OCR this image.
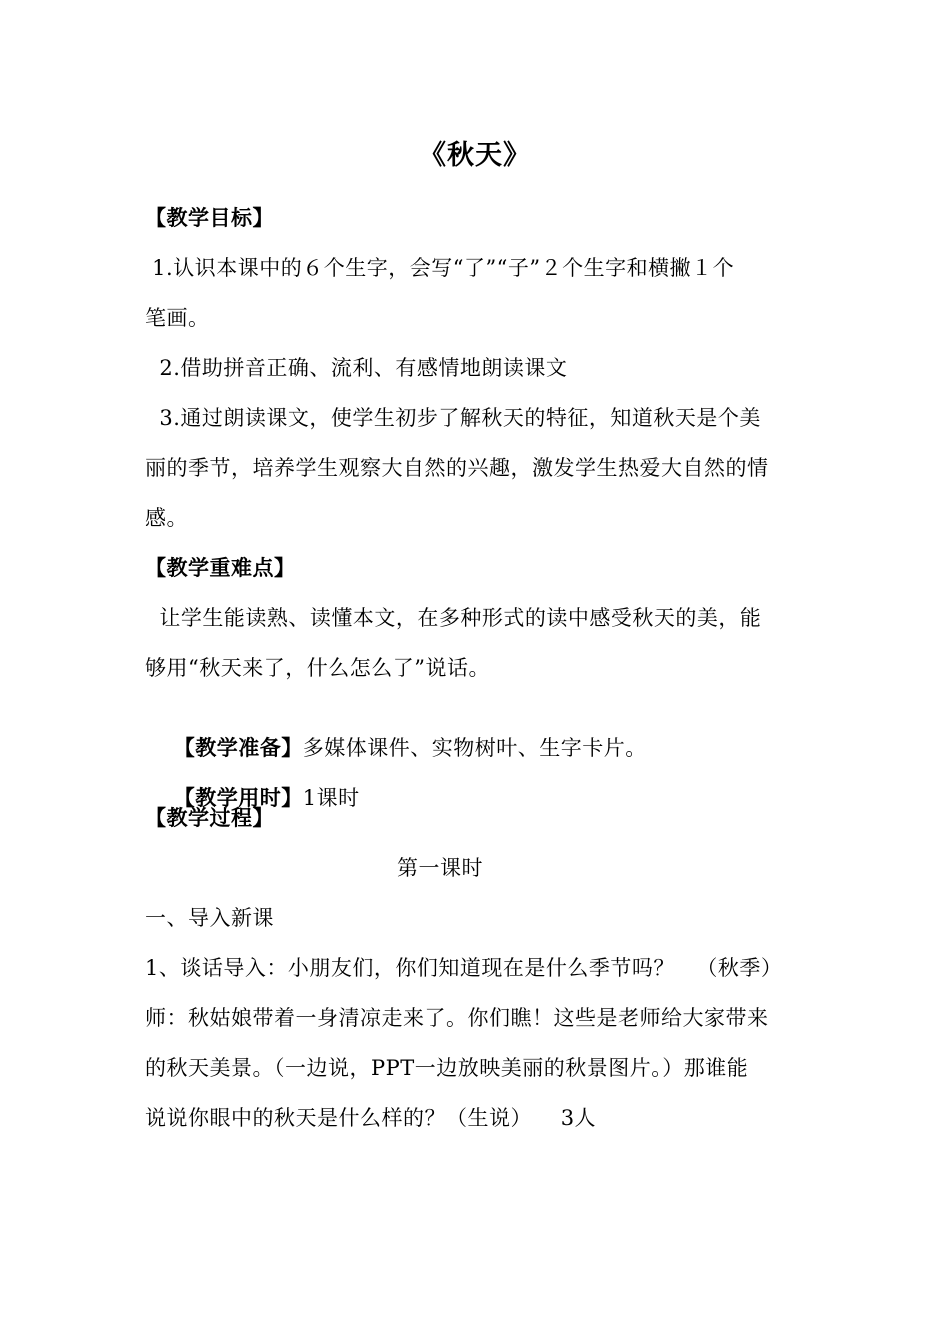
《秋天》
【教学目标】
1.认识本课中的６个生字，会写“了”“子”２个生字和横撇１个
笔画。
2.借助拼音正确、流利、有感情地朗读课文
3.通过朗读课文，使学生初步了解秋天的特征，知道秋天是个美
丽的季节，培养学生观察大自然的兴趣，激发学生热爱大自然的情
感。
【教学重难点】
让学生能读熟、读懂本文，在多种形式的读中感受秋天的美，能
够用“秋天来了，什么怎么了”说话。

【教学准备】多媒体课件、实物树叶、生字卡片。

【教学用时】1课时

【教学过程】
第一课时
一、导入新课
1、谈话导入：小朋友们，你们知道现在是什么季节吗？   （秋季）
师：秋姑娘带着一身清凉走来了。你们瞧！这些是老师给大家带来
的秋天美景。（一边说，PPT一边放映美丽的秋景图片。）那谁能
说说你眼中的秋天是什么样的？（生说）    3人
